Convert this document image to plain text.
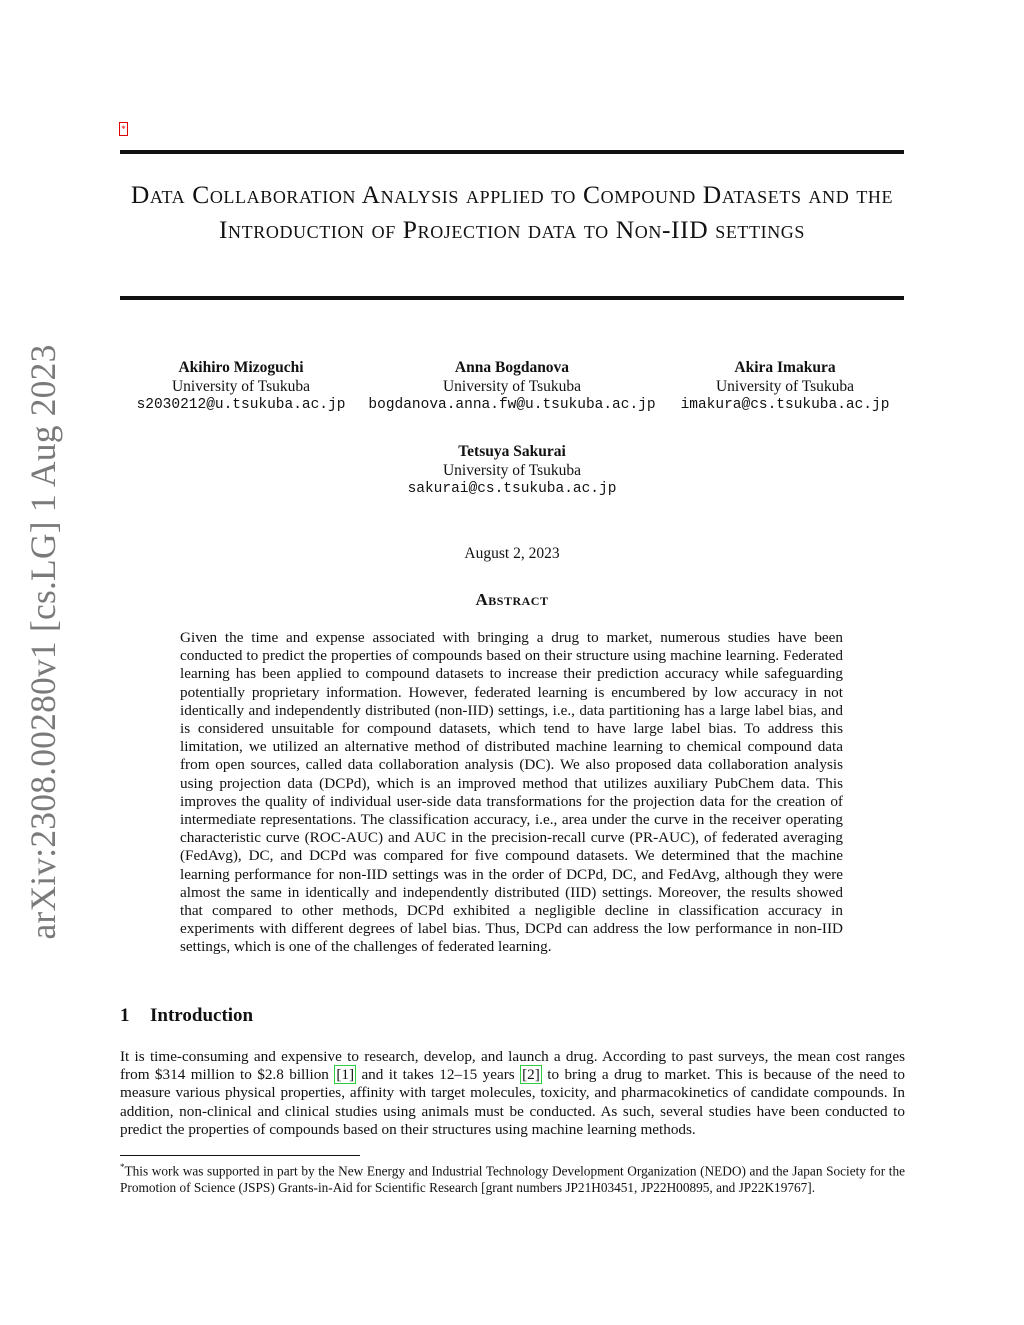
arXiv:2308.00280v1 [cs.LG] 1 Aug 2023
*
Data Collaboration Analysis applied to Compound Datasets and the Introduction of Projection data to Non-IID settings
Akihiro Mizoguchi
University of Tsukuba
s2030212@u.tsukuba.ac.jp
Anna Bogdanova
University of Tsukuba
bogdanova.anna.fw@u.tsukuba.ac.jp
Akira Imakura
University of Tsukuba
imakura@cs.tsukuba.ac.jp
Tetsuya Sakurai
University of Tsukuba
sakurai@cs.tsukuba.ac.jp
August 2, 2023
Abstract
Given the time and expense associated with bringing a drug to market, numerous studies have been conducted to predict the properties of compounds based on their structure using machine learning. Federated learning has been applied to compound datasets to increase their prediction accuracy while safeguarding potentially proprietary information. However, federated learning is encumbered by low accuracy in not identically and independently distributed (non-IID) settings, i.e., data partitioning has a large label bias, and is considered unsuitable for compound datasets, which tend to have large label bias. To address this limitation, we utilized an alternative method of distributed machine learning to chemical compound data from open sources, called data collaboration analysis (DC). We also proposed data collaboration analysis using projection data (DCPd), which is an improved method that utilizes auxiliary PubChem data. This improves the quality of individual user-side data transformations for the projection data for the creation of intermediate representations. The classification accuracy, i.e., area under the curve in the receiver operating characteristic curve (ROC-AUC) and AUC in the precision-recall curve (PR-AUC), of federated averaging (FedAvg), DC, and DCPd was compared for five compound datasets. We determined that the machine learning performance for non-IID settings was in the order of DCPd, DC, and FedAvg, although they were almost the same in identically and independently distributed (IID) settings. Moreover, the results showed that compared to other methods, DCPd exhibited a negligible decline in classification accuracy in experiments with different degrees of label bias. Thus, DCPd can address the low performance in non-IID settings, which is one of the challenges of federated learning.
1 Introduction
It is time-consuming and expensive to research, develop, and launch a drug. According to past surveys, the mean cost ranges from $314 million to $2.8 billion [1] and it takes 12–15 years [2] to bring a drug to market. This is because of the need to measure various physical properties, affinity with target molecules, toxicity, and pharmacokinetics of candidate compounds. In addition, non-clinical and clinical studies using animals must be conducted. As such, several studies have been conducted to predict the properties of compounds based on their structures using machine learning methods.
*This work was supported in part by the New Energy and Industrial Technology Development Organization (NEDO) and the Japan Society for the Promotion of Science (JSPS) Grants-in-Aid for Scientific Research [grant numbers JP21H03451, JP22H00895, and JP22K19767].
